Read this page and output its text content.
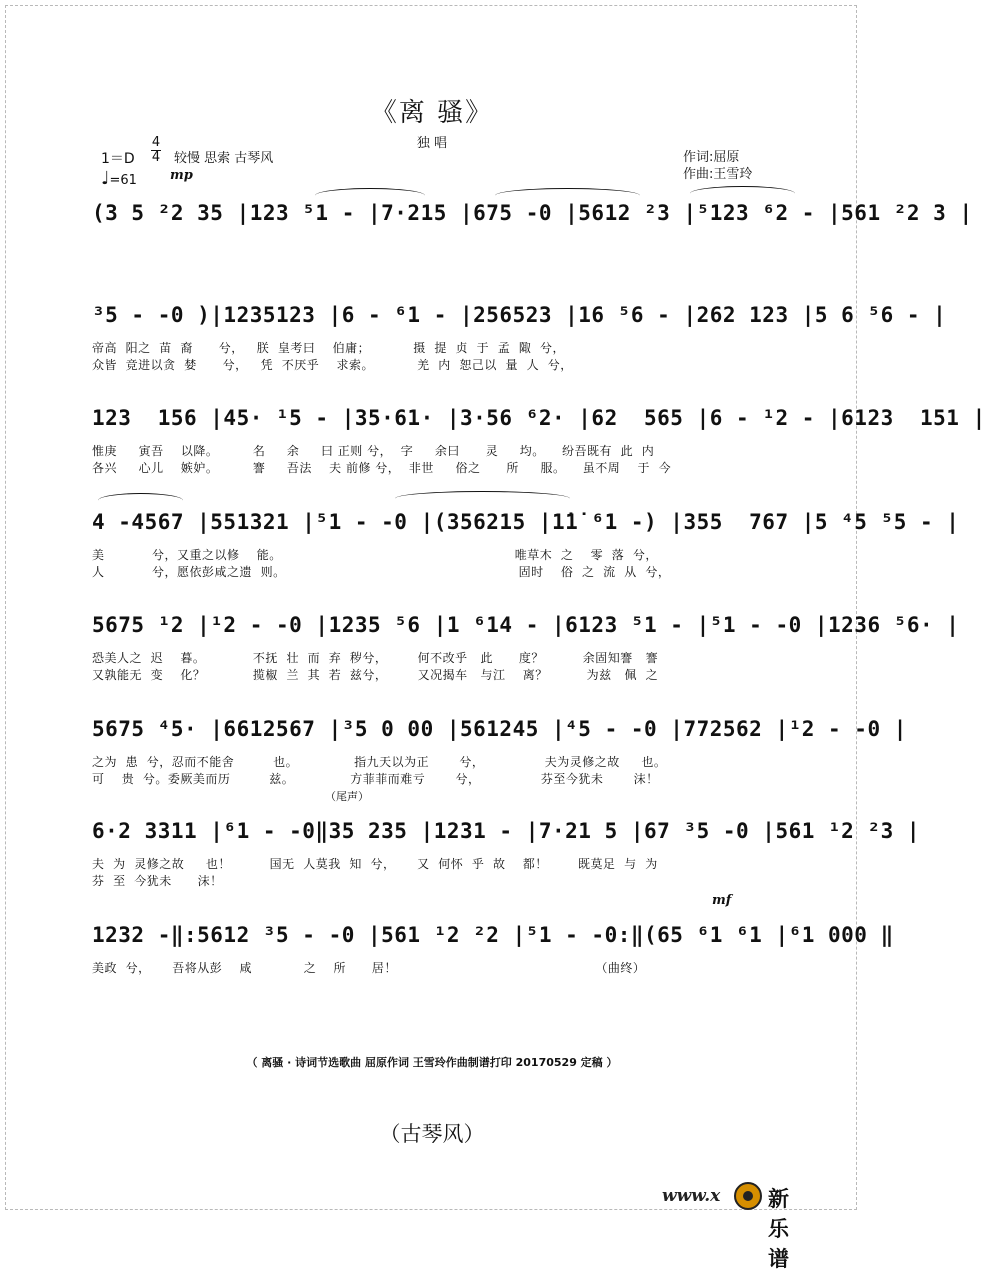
《离 骚》
独 唱
1＝D
4
4 较慢 思索 古琴风
♩=61
作词:屈原
作曲:王雪玲
mp
mf
(3 5 ²2 35 |123 ⁵1 - |7·215 |675 -0 |5612 ²3 |⁵123 ⁶2 - |561 ²2 3 |
³5 - -0 )|1235123 |6 - ⁶1 - |256523 |16 ⁵6 - |262 123 |5 6 ⁵6 - |
帝高  阳之  苗  裔      兮，   朕  皇考曰    伯庸；          摄  提  贞  于  孟  陬  兮，
众皆  竞进以贪  婪      兮，   凭  不厌乎    求索。          羌  内  恕己以  量  人  兮，
123  156 |45· ¹5 - |35·61· |3·56 ⁶2· |62  565 |6 - ¹2 - |6123  151 |
惟庚     寅吾    以降。        名     余     曰 正则 兮，  字     余曰      灵     均。    纷吾既有  此  内
各兴     心儿    嫉妒。        謇     吾法    夫 前修 兮，  非世     俗之      所     服。    虽不周    于  今
4 -4567 |551321 |⁵1 - -0 |(356215 |1̇1̇ ⁶1 -) |355  767 |5 ⁴5 ⁵5 - |
美           兮，又重之以修    能。                                                      唯草木  之    零  落  兮，
人           兮，愿依彭咸之遗  则。                                                      固时    俗  之  流  从  兮，
5675 ¹2 |¹2 - -0 |1235 ⁵6 |1 ⁶14 - |6123 ⁵1 - |⁵1 - -0 |1236 ⁵6· |
恐美人之  迟    暮。           不抚  壮  而  弃  秽兮，       何不改乎   此      度？         余固知謇   謇
又孰能无  变    化？           揽椒  兰  其  若  兹兮，       又况揭车   与江    离？         为兹   佩  之
5675 ⁴5· |6612567 |³5 0 00 |561245 |⁴5 - -0 |772562 |¹2 - -0 |
之为  患  兮，忍而不能舍         也。             指九天以为正       兮，              夫为灵修之故     也。
可    贵  兮。委厥美而历         兹。             方菲菲而难亏       兮，              芬至今犹未       沫！
（尾声）
6·2 3311 |⁶1 - -0‖35 235 |1231 - |7·21 5 |67 ³5 -0 |561 ¹2 ²3 |
夫  为  灵修之故     也！         国无  人莫我  知  兮，     又  何怀  乎  故    都！       既莫足  与  为
芬  至  今犹未      沫！
1232 -‖:5612 ³5 - -0 |561 ¹2 ²2 |⁵1 - -0:‖(65 ⁶1 ⁶1 |⁶1 000 ‖
美政  兮，     吾将从彭    咸            之    所      居！                                              （曲终）
（ 离骚 · 诗词节选歌曲 屈原作词 王雪玲作曲制谱打印 20170529 定稿 ）
（古琴风）
www.x 新乐谱
